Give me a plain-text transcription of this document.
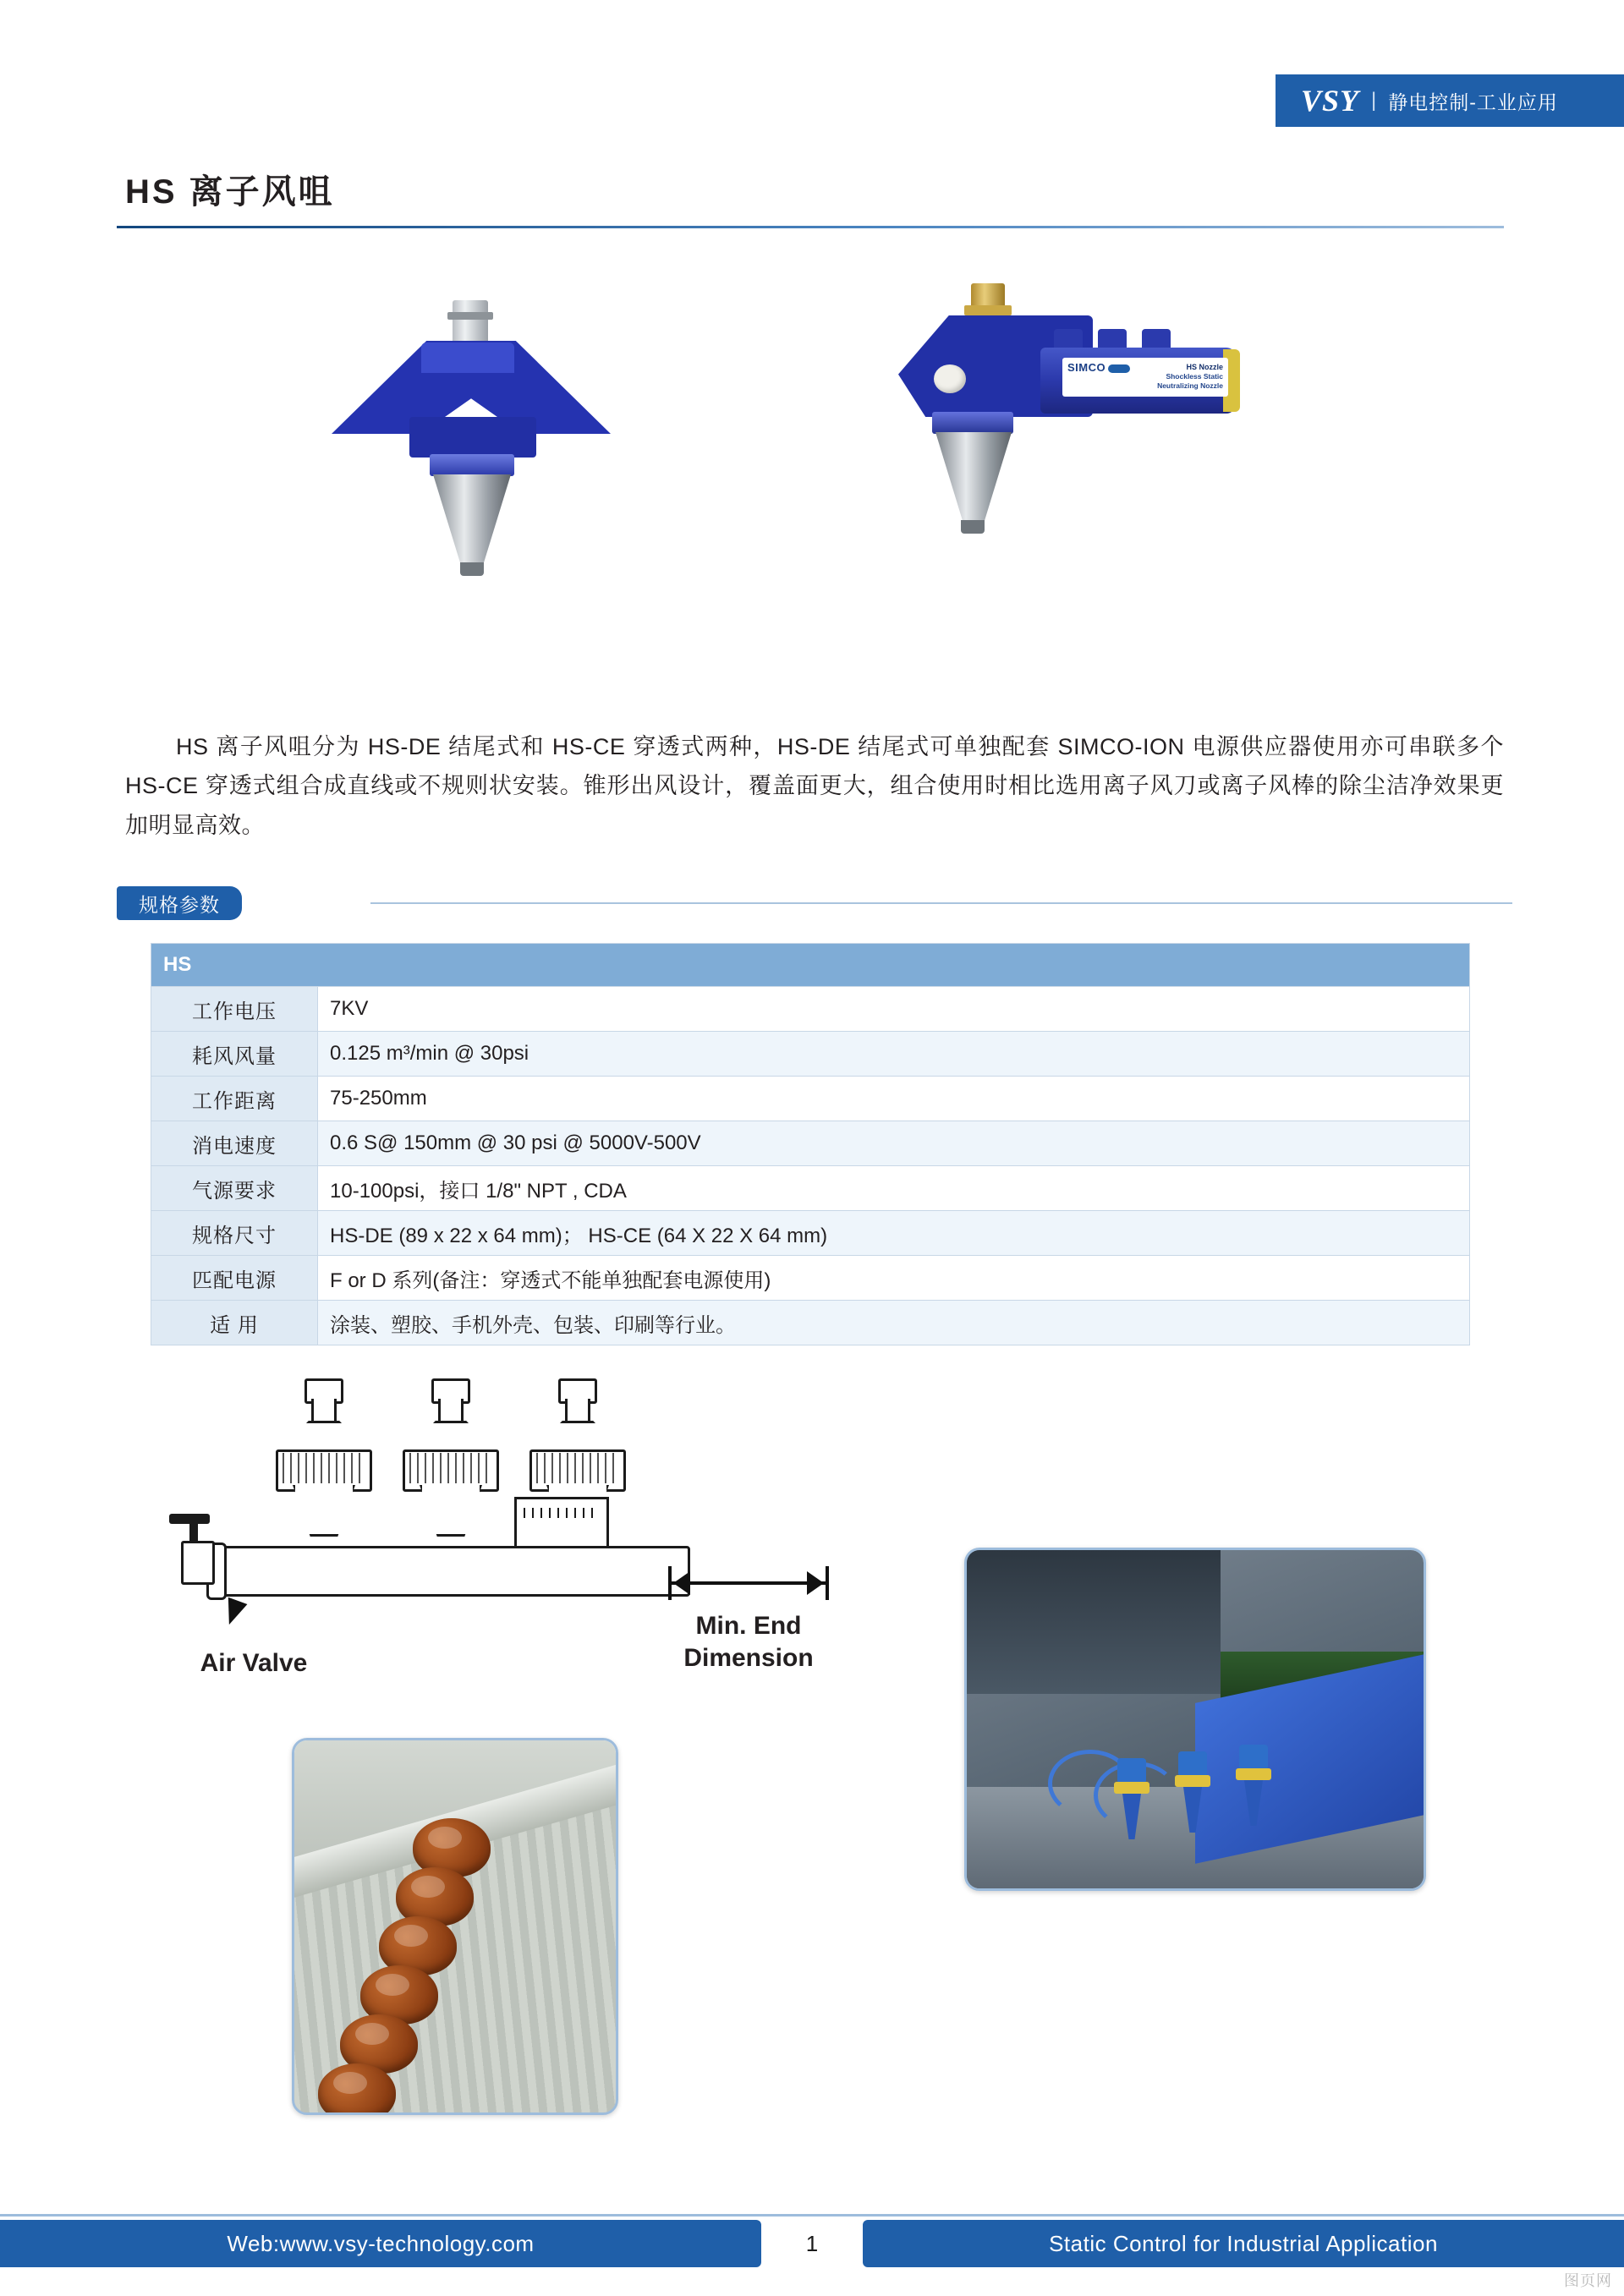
VSY | 静电控制-工业应用
HS 离子风咀
SIMCO	HS Nozzle
Shockless Static
Neutralizing Nozzle

HS 离子风咀分为 HS-DE 结尾式和 HS-CE 穿透式两种，HS-DE 结尾式可单独配套 SIMCO-ION 电源供应器使用亦可串联多个 HS-CE 穿透式组合成直线或不规则状安装。锥形出风设计，覆盖面更大，组合使用时相比选用离子风刀或离子风棒的除尘洁净效果更加明显高效。

规格参数
HS	
工作电压	7KV
耗风风量	0.125 m³/min @ 30psi
工作距离	75-250mm
消电速度	0.6 S@ 150mm @ 30 psi @ 5000V-500V
气源要求	10-100psi，接口 1/8" NPT , CDA
规格尺寸	HS-DE (89 x 22 x 64 mm)； HS-CE (64 X 22 X 64 mm)
匹配电源	F or D 系列(备注：穿透式不能单独配套电源使用)
适 用	涂装、塑胶、手机外壳、包装、印刷等行业。
Min. End
Dimension
Air Valve
Web:www.vsy-technology.com	Static Control for Industrial Application
1
图页网
